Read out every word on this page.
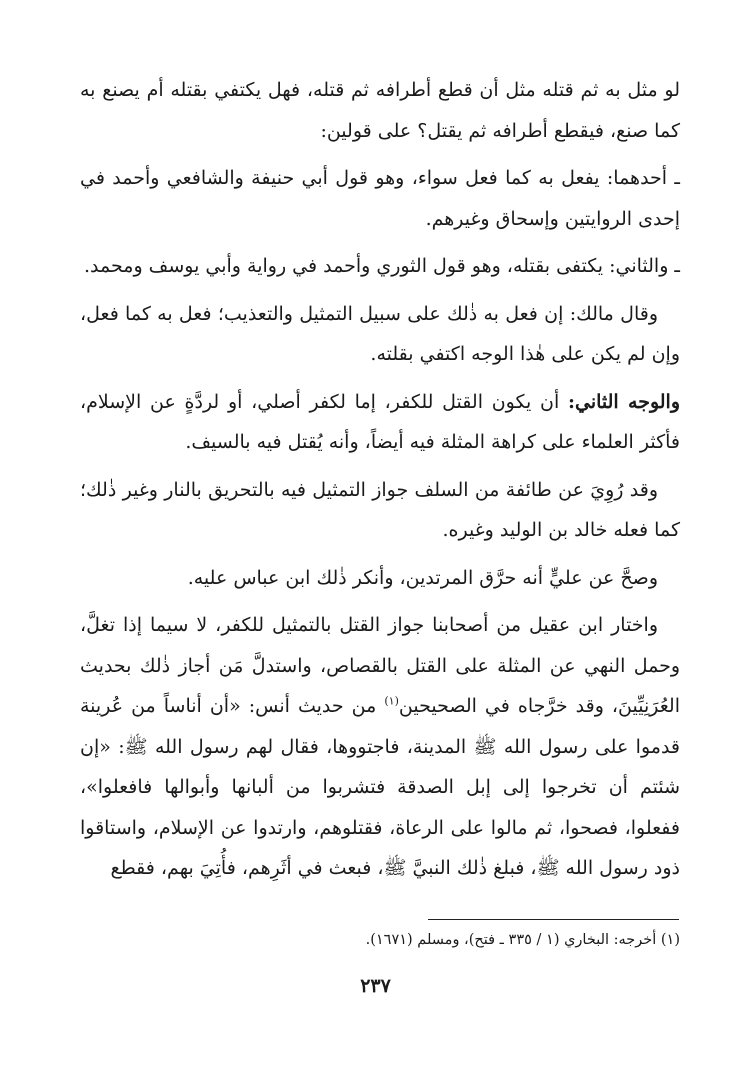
لو مثل به ثم قتله مثل أن قطع أطرافه ثم قتله، فهل يكتفي بقتله أم يصنع به كما صنع، فيقطع أطرافه ثم يقتل؟ على قولين:

ـ أحدهما: يفعل به كما فعل سواء، وهو قول أبي حنيفة والشافعي وأحمد في إحدى الروايتين وإسحاق وغيرهم.

ـ والثاني: يكتفى بقتله، وهو قول الثوري وأحمد في رواية وأبي يوسف ومحمد.

وقال مالك: إن فعل به ذٰلك على سبيل التمثيل والتعذيب؛ فعل به كما فعل، وإن لم يكن على هٰذا الوجه اكتفي بقلته.

والوجه الثاني: أن يكون القتل للكفر، إما لكفر أصلي، أو لردَّةٍ عن الإسلام، فأكثر العلماء على كراهة المثلة فيه أيضاً، وأنه يُقتل فيه بالسيف.

وقد رُوِيَ عن طائفة من السلف جواز التمثيل فيه بالتحريق بالنار وغير ذٰلك؛ كما فعله خالد بن الوليد وغيره.

وصحَّ عن عليٍّ أنه حرَّق المرتدين، وأنكر ذٰلك ابن عباس عليه.

واختار ابن عقيل من أصحابنا جواز القتل بالتمثيل للكفر، لا سيما إذا تغلَّ، وحمل النهي عن المثلة على القتل بالقصاص، واستدلَّ مَن أجاز ذٰلك بحديث العُرَنِيِّينَ، وقد خرَّجاه في الصحيحين$^{(١)}$ من حديث أنس: «أن أناساً من عُرينة قدموا على رسول الله ﷺ المدينة، فاجتووها، فقال لهم رسول الله ﷺ: «إن شئتم أن تخرجوا إلى إبل الصدقة فتشربوا من ألبانها وأبوالها فافعلوا»، ففعلوا، فصحوا، ثم مالوا على الرعاة، فقتلوهم، وارتدوا عن الإسلام، واستاقوا ذود رسول الله ﷺ، فبلغ ذٰلك النبيَّ ﷺ، فبعث في أثَرِهم، فأُتِيَ بهم، فقطع

(١) أخرجه: البخاري (١ / ٣٣٥ ـ فتح)، ومسلم (١٦٧١).
٢٣٧
